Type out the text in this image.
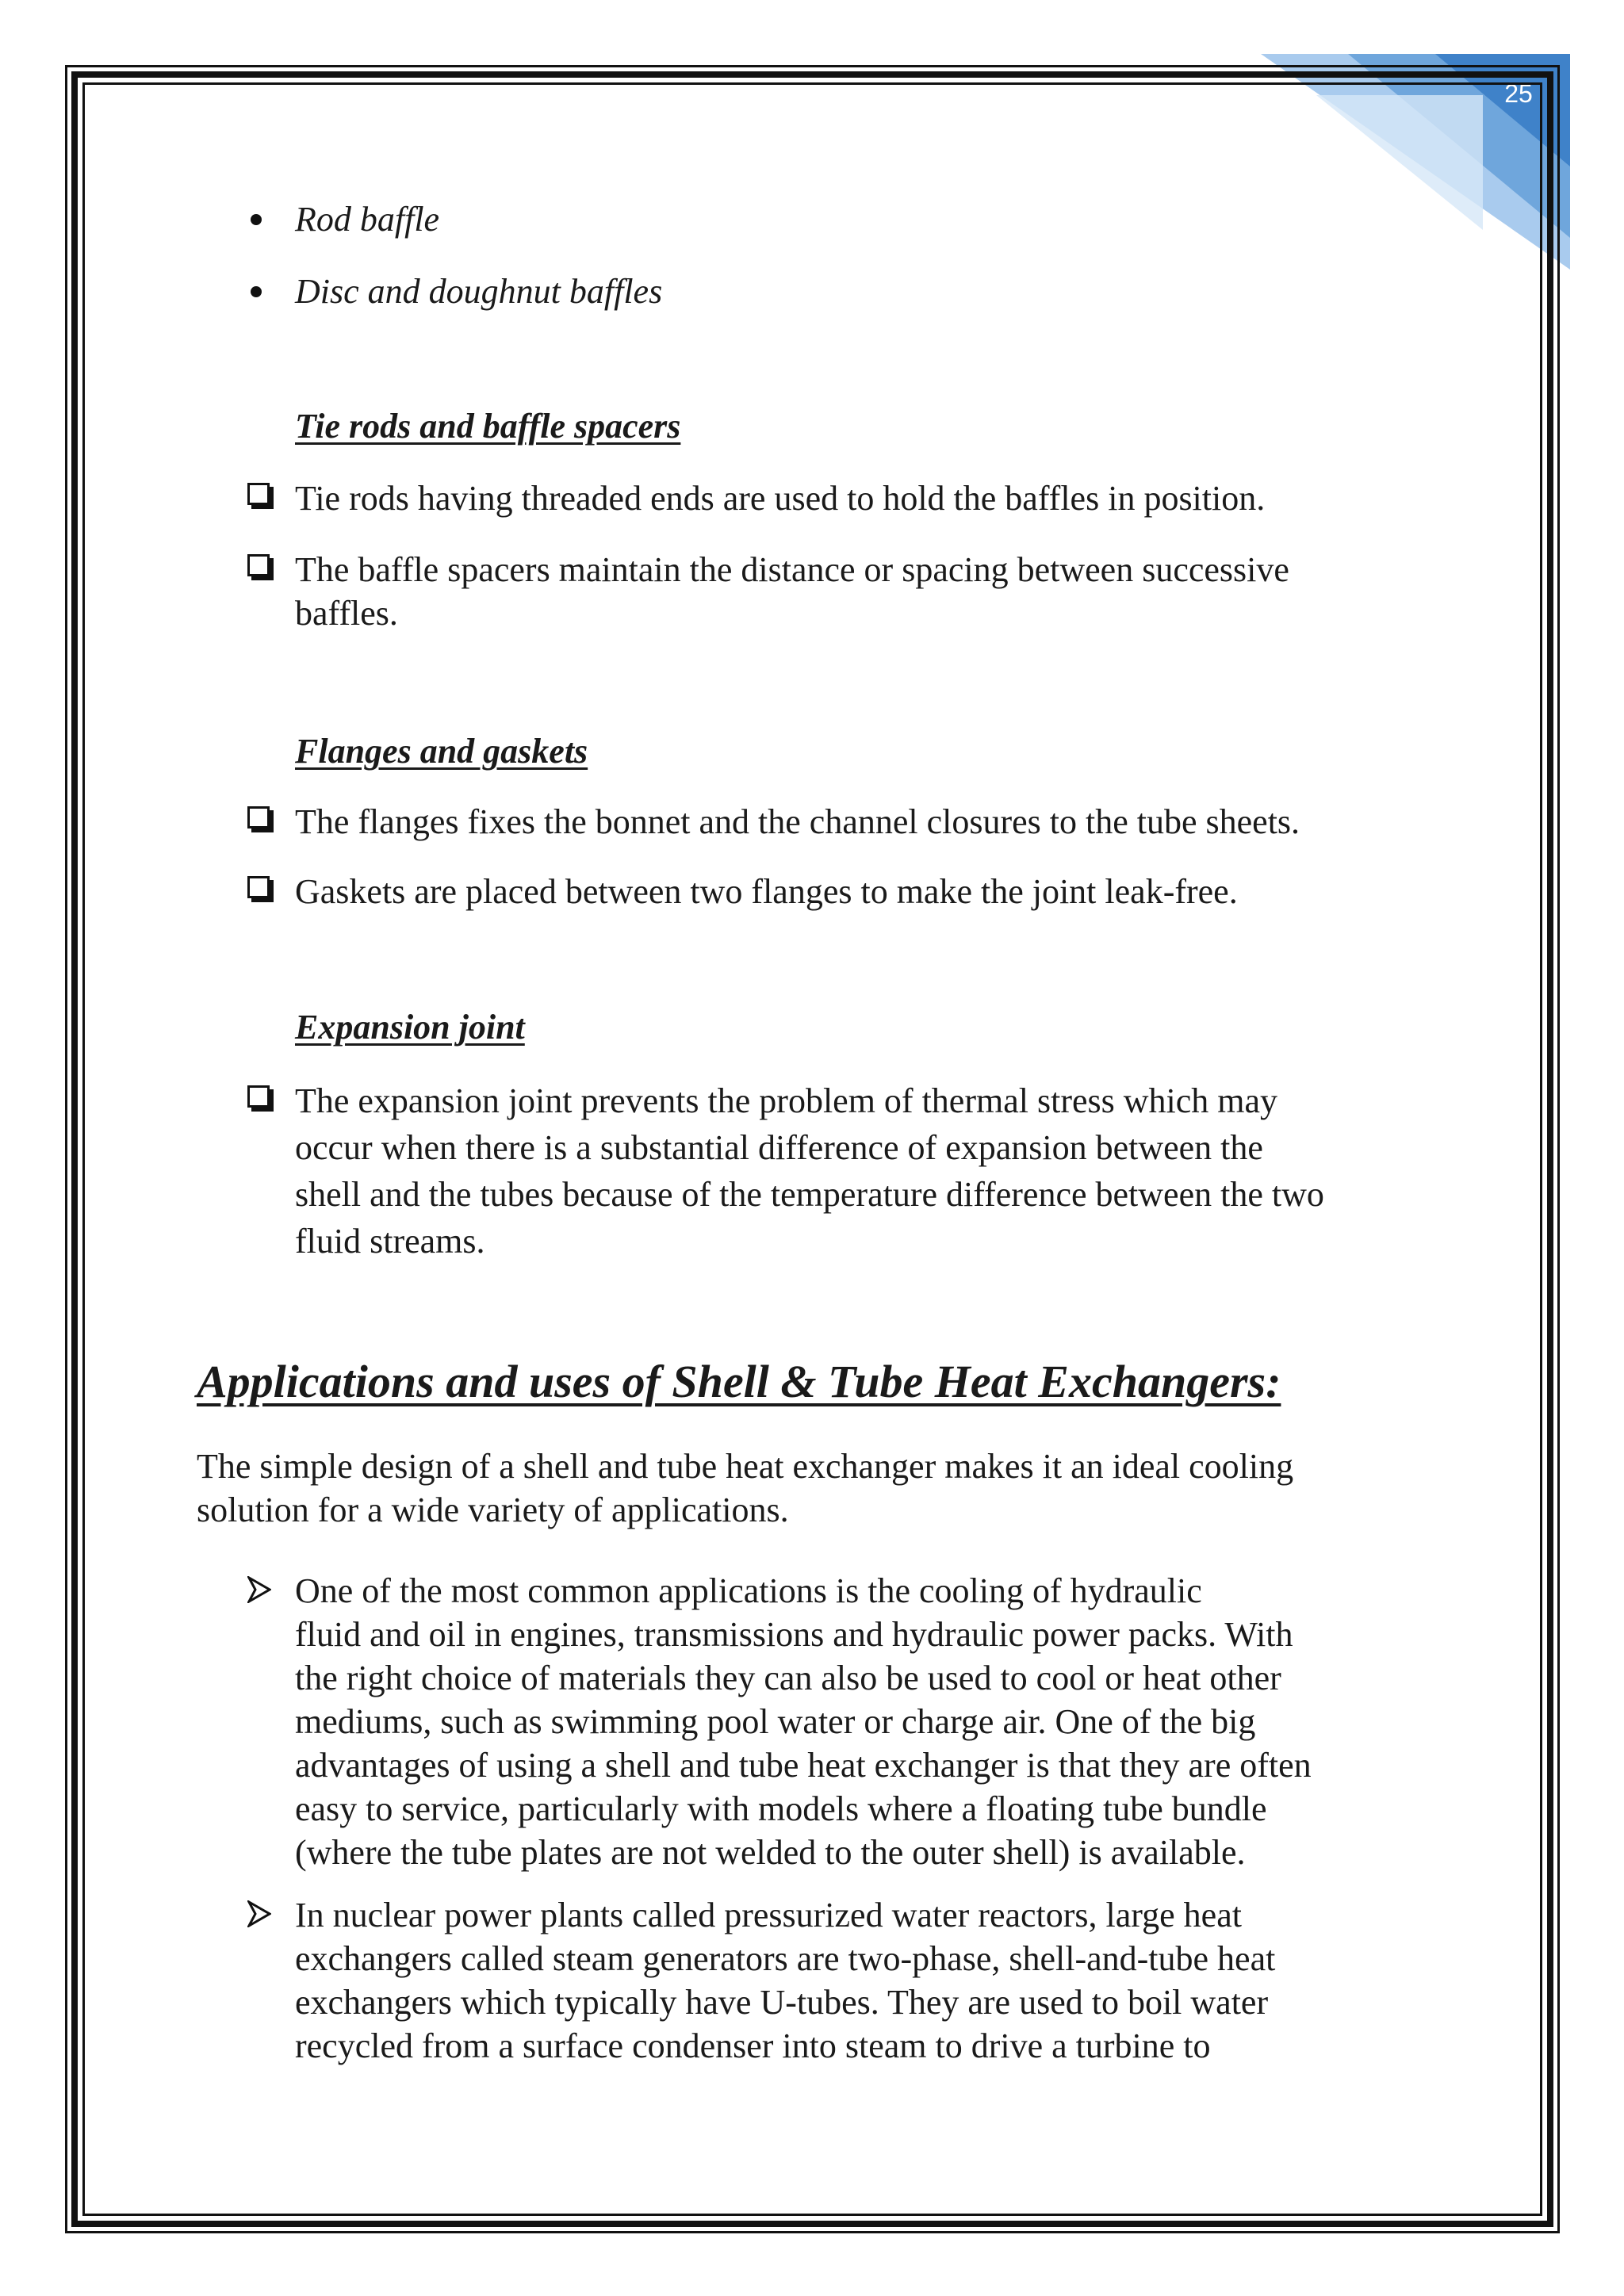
25
Rod baffle
Disc and doughnut baffles
Tie rods and baffle spacers
Tie rods having threaded ends are used to hold the baffles in position.
The baffle spacers maintain the distance or spacing between successive
baffles.
Flanges and gaskets
The flanges fixes the bonnet and the channel closures to the tube sheets.
Gaskets are placed between two flanges to make the joint leak-free.
Expansion joint
The expansion joint prevents the problem of thermal stress which may
occur when there is a substantial difference of expansion between the
shell and the tubes because of the temperature difference between the two
fluid streams.
Applications and uses of Shell & Tube Heat Exchangers:
The simple design of a shell and tube heat exchanger makes it an ideal cooling
solution for a wide variety of applications.
One of the most common applications is the cooling of hydraulic
fluid and oil in engines, transmissions and hydraulic power packs. With
the right choice of materials they can also be used to cool or heat other
mediums, such as swimming pool water or charge air. One of the big
advantages of using a shell and tube heat exchanger is that they are often
easy to service, particularly with models where a floating tube bundle
(where the tube plates are not welded to the outer shell) is available.
In nuclear power plants called pressurized water reactors, large heat
exchangers called steam generators are two-phase, shell-and-tube heat
exchangers which typically have U-tubes. They are used to boil water
recycled from a surface condenser into steam to drive a turbine to
